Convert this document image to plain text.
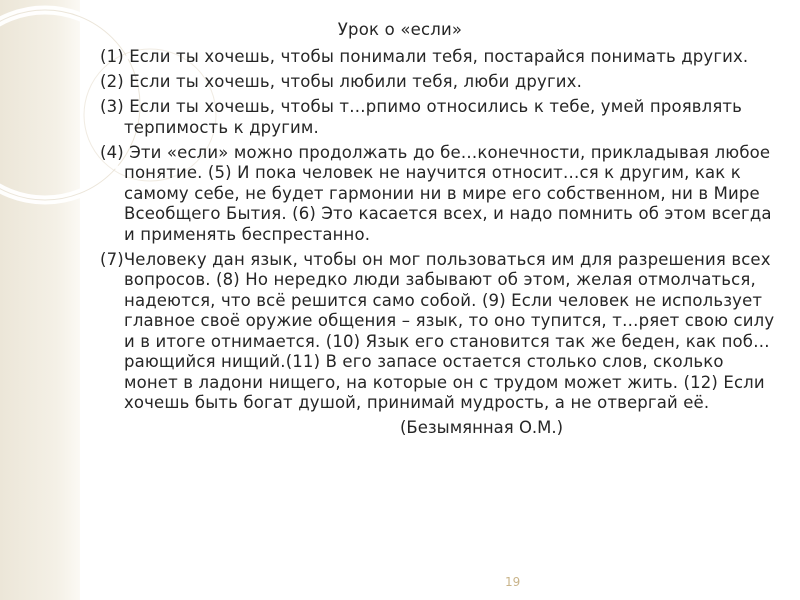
Урок о «если»

(1) Если ты хочешь, чтобы понимали тебя, постарайся понимать других.

(2) Если ты хочешь, чтобы любили тебя, люби других.

(3) Если ты хочешь, чтобы т…рпимо относились к тебе, умей проявлять терпимость к другим.

(4) Эти «если» можно продолжать до бе…конечности, прикладывая любое понятие. (5) И пока человек не научится относит…ся к другим, как к самому себе, не будет гармонии ни в мире его собственном, ни в Мире Всеобщего Бытия. (6) Это касается всех, и надо помнить об этом всегда и применять беспрестанно.

(7)Человеку дан язык, чтобы он мог пользоваться им для разрешения всех вопросов. (8) Но нередко люди забывают об этом, желая отмолчаться, надеются, что всё решится само собой. (9) Если человек не использует главное своё оружие общения – язык, то оно тупится, т…ряет свою силу и в итоге отнимается. (10) Язык его становится так же беден, как поб…рающийся нищий.(11) В его запасе остается столько слов, сколько монет в ладони нищего, на которые он с трудом может жить. (12) Если хочешь быть богат душой, принимай мудрость, а не отвергай её.

(Безымянная О.М.)
19
